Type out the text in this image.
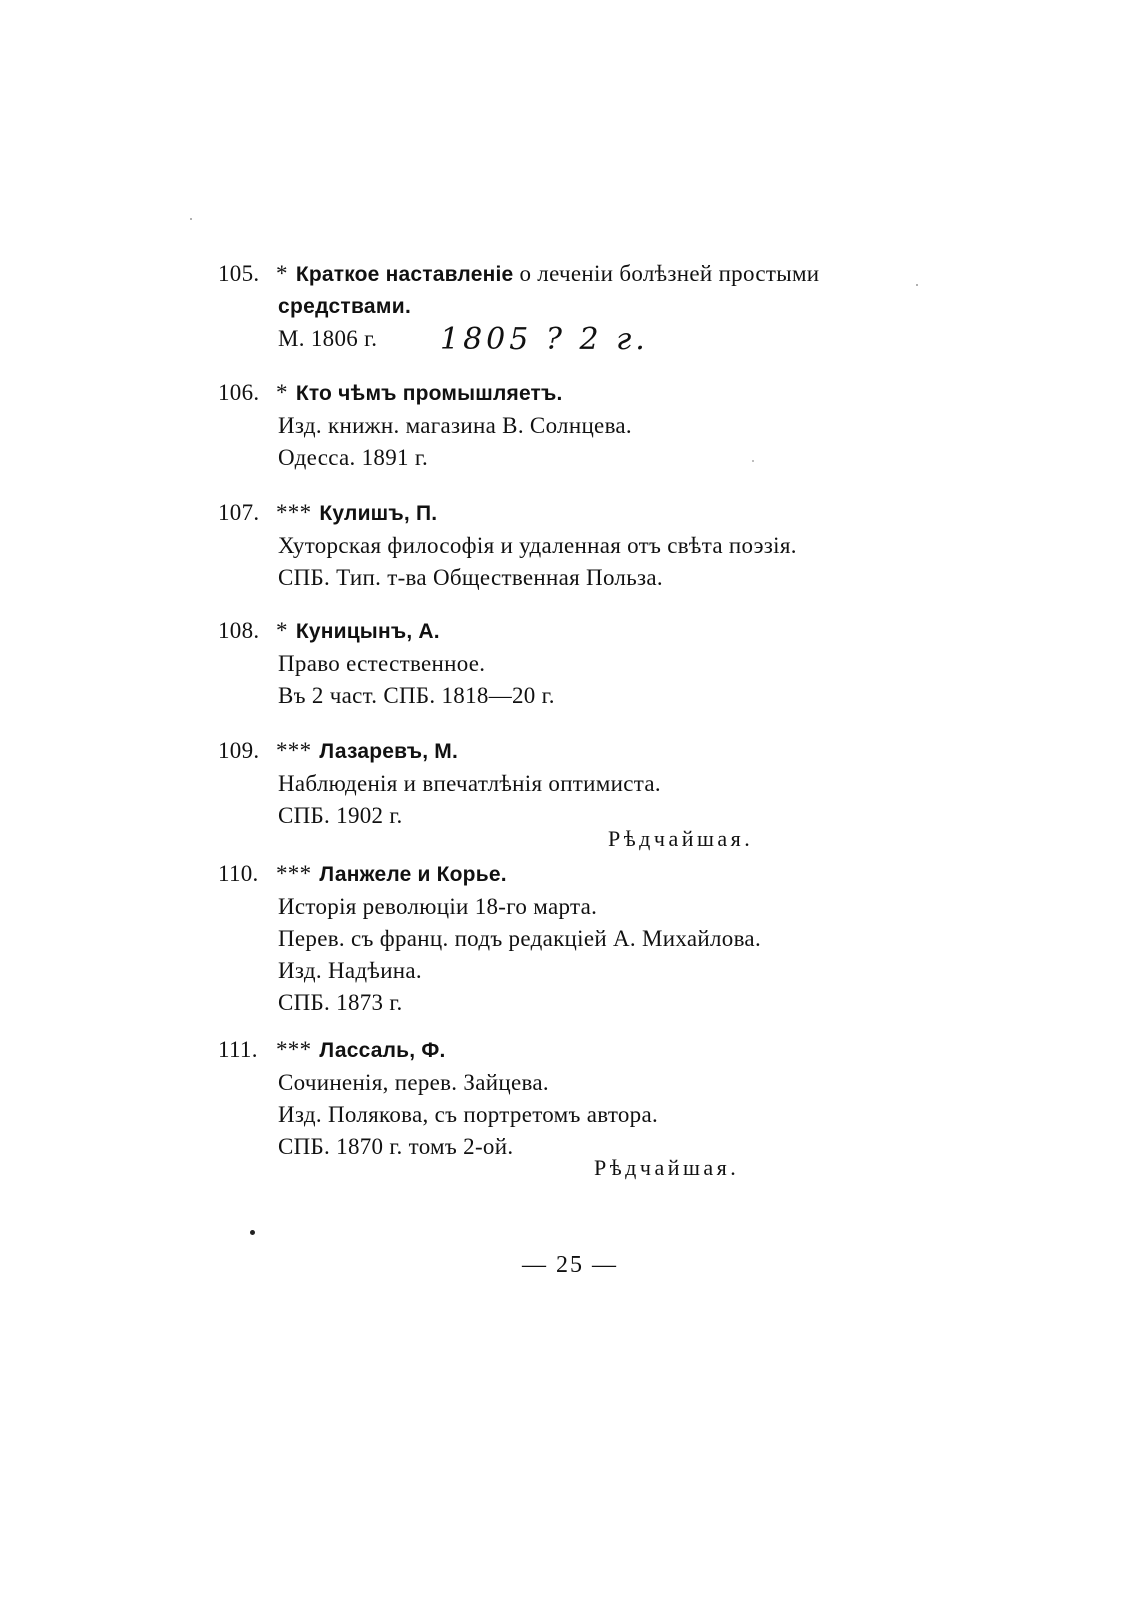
105. * Краткое наставленіе о леченіи болѣзней простыми
средствами.
М. 1806 г.	1805 ? 2 г.
106. * Кто чѣмъ промышляетъ.
Изд. книжн. магазина В. Солнцева.
Одесса. 1891 г.
107. *** Кулишъ, П.
Хуторская философія и удаленная отъ свѣта поэзія.
СПБ. Тип. т-ва Общественная Польза.
108. * Куницынъ, А.
Право естественное.
Въ 2 част. СПБ. 1818—20 г.
109. *** Лазаревъ, М.
Наблюденія и впечатлѣнія оптимиста.
СПБ. 1902 г.
Рѣдчайшая.
110. *** Ланжеле и Корье.
Исторія революціи 18-го марта.
Перев. съ франц. подъ редакціей А. Михайлова.
Изд. Надѣина.
СПБ. 1873 г.
111. *** Лассаль, Ф.
Сочиненія, перев. Зайцева.
Изд. Полякова, съ портретомъ автора.
СПБ. 1870 г. томъ 2-ой.
Рѣдчайшая.
— 25 —
